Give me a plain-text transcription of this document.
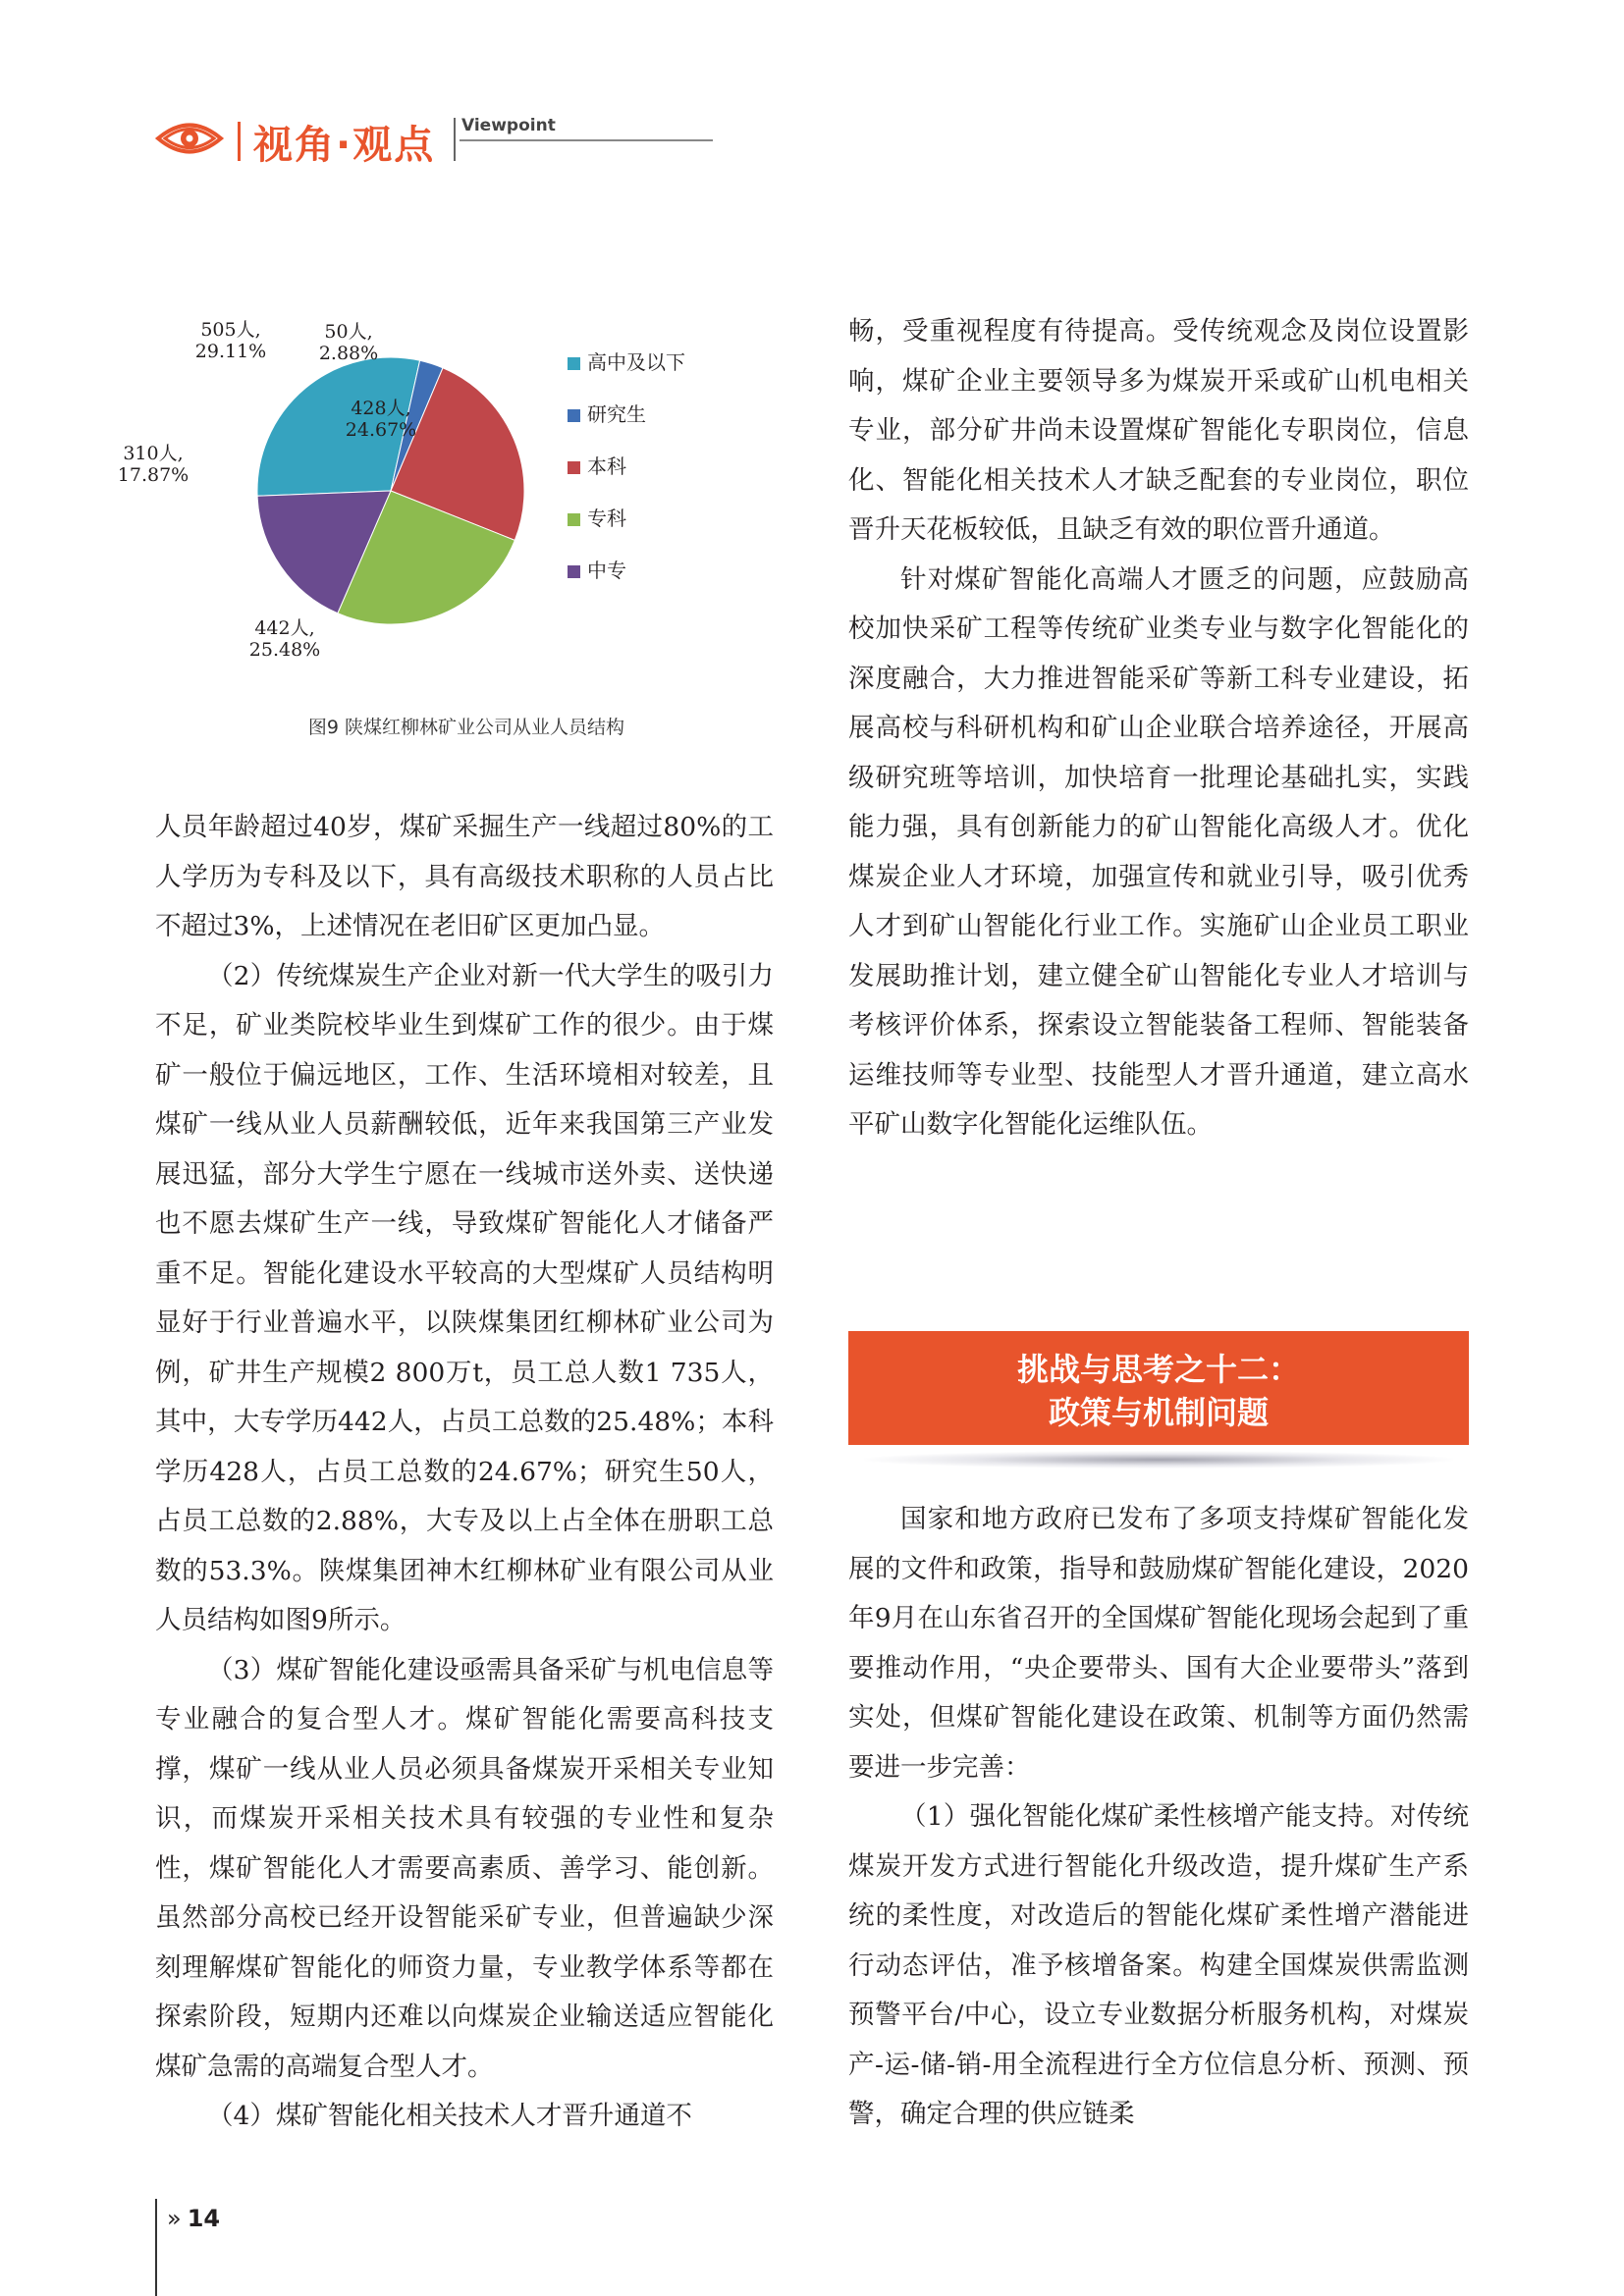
视角·观点 Viewpoint
505人,
29.11%
50人,
2.88%
428人,
24.67%
442人,
25.48%
310人,
17.87%
高中及以下
研究生
本科
专科
中专
图9 陕煤红柳林矿业公司从业人员结构

人员年龄超过40岁，煤矿采掘生产一线超过80%的工人学历为专科及以下，具有高级技术职称的人员占比不超过3%，上述情况在老旧矿区更加凸显。

（2）传统煤炭生产企业对新一代大学生的吸引力不足，矿业类院校毕业生到煤矿工作的很少。由于煤矿一般位于偏远地区，工作、生活环境相对较差，且煤矿一线从业人员薪酬较低，近年来我国第三产业发展迅猛，部分大学生宁愿在一线城市送外卖、送快递也不愿去煤矿生产一线，导致煤矿智能化人才储备严重不足。智能化建设水平较高的大型煤矿人员结构明显好于行业普遍水平，以陕煤集团红柳林矿业公司为例，矿井生产规模2 800万t，员工总人数1 735人，其中，大专学历442人，占员工总数的25.48%；本科学历428人，占员工总数的24.67%；研究生50人，占员工总数的2.88%，大专及以上占全体在册职工总数的53.3%。陕煤集团神木红柳林矿业有限公司从业人员结构如图9所示。

（3）煤矿智能化建设亟需具备采矿与机电信息等专业融合的复合型人才。煤矿智能化需要高科技支撑，煤矿一线从业人员必须具备煤炭开采相关专业知识，而煤炭开采相关技术具有较强的专业性和复杂性，煤矿智能化人才需要高素质、善学习、能创新。虽然部分高校已经开设智能采矿专业，但普遍缺少深刻理解煤矿智能化的师资力量，专业教学体系等都在探索阶段，短期内还难以向煤炭企业输送适应智能化煤矿急需的高端复合型人才。

（4）煤矿智能化相关技术人才晋升通道不

畅，受重视程度有待提高。受传统观念及岗位设置影响，煤矿企业主要领导多为煤炭开采或矿山机电相关专业，部分矿井尚未设置煤矿智能化专职岗位，信息化、智能化相关技术人才缺乏配套的专业岗位，职位晋升天花板较低，且缺乏有效的职位晋升通道。

针对煤矿智能化高端人才匮乏的问题，应鼓励高校加快采矿工程等传统矿业类专业与数字化智能化的深度融合，大力推进智能采矿等新工科专业建设，拓展高校与科研机构和矿山企业联合培养途径，开展高级研究班等培训，加快培育一批理论基础扎实，实践能力强，具有创新能力的矿山智能化高级人才。优化煤炭企业人才环境，加强宣传和就业引导，吸引优秀人才到矿山智能化行业工作。实施矿山企业员工职业发展助推计划，建立健全矿山智能化专业人才培训与考核评价体系，探索设立智能装备工程师、智能装备运维技师等专业型、技能型人才晋升通道，建立高水平矿山数字化智能化运维队伍。

挑战与思考之十二：
政策与机制问题

国家和地方政府已发布了多项支持煤矿智能化发展的文件和政策，指导和鼓励煤矿智能化建设，2020年9月在山东省召开的全国煤矿智能化现场会起到了重要推动作用，“央企要带头、国有大企业要带头”落到实处，但煤矿智能化建设在政策、机制等方面仍然需要进一步完善：

（1）强化智能化煤矿柔性核增产能支持。对传统煤炭开发方式进行智能化升级改造，提升煤矿生产系统的柔性度，对改造后的智能化煤矿柔性增产潜能进行动态评估，准予核增备案。构建全国煤炭供需监测预警平台/中心，设立专业数据分析服务机构，对煤炭产-运-储-销-用全流程进行全方位信息分析、预测、预警，确定合理的供应链柔

» 14
